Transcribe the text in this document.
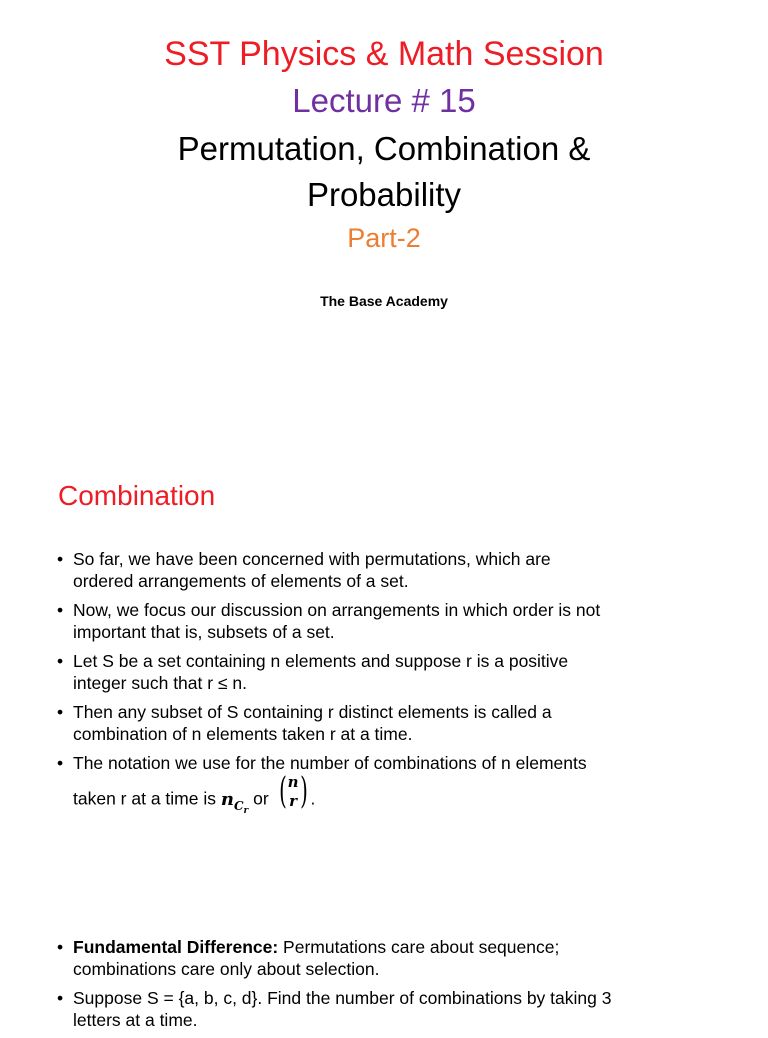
SST Physics & Math Session
Lecture # 15
Permutation, Combination &
Probability
Part-2
The Base Academy
Combination
• So far, we have been concerned with permutations, which are
ordered arrangements of elements of a set.
• Now, we focus our discussion on arrangements in which order is not
important that is, subsets of a set.
• Let S be a set containing n elements and suppose r is a positive
integer such that r ≤ n.
• Then any subset of S containing r distinct elements is called a
combination of n elements taken r at a time.
• The notation we use for the number of combinations of n elements
taken r at a time is $n_{Cr}$ or ( n
r ) .
• Fundamental Difference: Permutations care about sequence;
combinations care only about selection.
• Suppose S = {a, b, c, d}. Find the number of combinations by taking 3
letters at a time.
